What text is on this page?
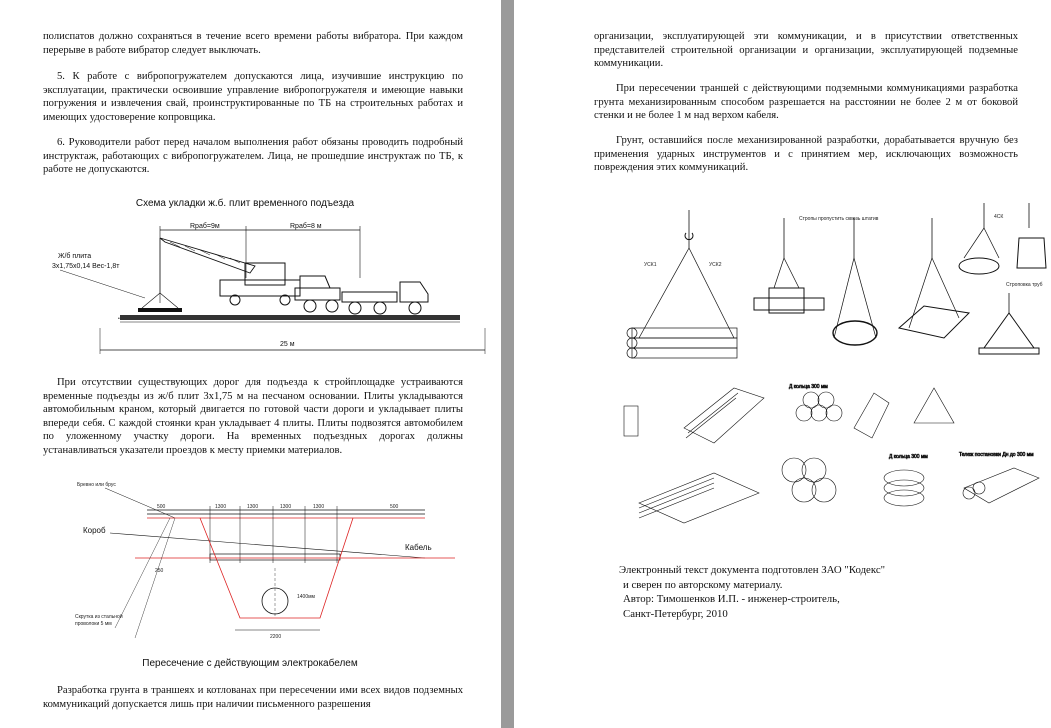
полиспатов должно сохраняться в течение всего времени работы вибратора. При каждом перерыве в работе вибратор следует выключать.

5. К работе с вибропогружателем допускаются лица, изучившие инструкцию по эксплуатации, практически освоившие управление вибропогружателя и имеющие навыки погружения и извлечения свай, проинструктированные по ТБ на строительных работах и имеющих удостоверение копровщика.

6. Руководители работ перед началом выполнения работ обязаны проводить подробный инструктаж, работающих с вибропогружателем. Лица, не прошедшие инструктаж по ТБ, к работе не допускаются.

Схема укладки ж.б. плит временного подъезда
Rраб=9м	Rраб=8 м
Ж/б плита
3х1,75х0,14 Вес-1,8т
•
25 м

При отсутствии существующих дорог для подъезда к стройплощадке устраиваются временные подъезды из ж/б плит 3х1,75 м на песчаном основании. Плиты укладываются автомобильным краном, который двигается по готовой части дороги и укладывает плиты впереди себя. С каждой стоянки кран укладывает 4 плиты. Плиты подвозятся автомобилем по уложенному участку дороги. На временных подъездных дорогах должны устанавливаться указатели проездов к месту приемки материалов.

Бревно или брус
500	1300	1300	1300	1300	500
Короб
Кабель
250
1400мм
Скрутка из стальной
проволоки 5 мм
2200
Пересечение с действующим электрокабелем

Разработка грунта в траншеях и котлованах при пересечении ими всех видов подземных коммуникаций допускается лишь при наличии письменного разрешения

организации, эксплуатирующей эти коммуникации, и в присутствии ответственных представителей строительной организации и организации, эксплуатирующей подземные коммуникации.

При пересечении траншей с действующими подземными коммуникациями разработка грунта механизированным способом разрешается на расстоянии не более 2 м от боковой стенки и не более 1 м над верхом кабеля.

Грунт, оставшийся после механизированной разработки, дорабатывается вручную без применения ударных инструментов и с принятием мер, исключающих возможность повреждения этих коммуникаций.

УСК1	УСК2
Стропы пропустить сквозь штатив	4СК
Строповка труб
Д кольца 300 мм
Д кольца 300 мм	Тележ постановки Дн до 300 мм

Электронный текст документа подготовлен ЗАО "Кодекс"

и сверен по авторскому материалу.

Автор: Тимошенков И.П. - инженер-строитель,

Санкт-Петербург, 2010
